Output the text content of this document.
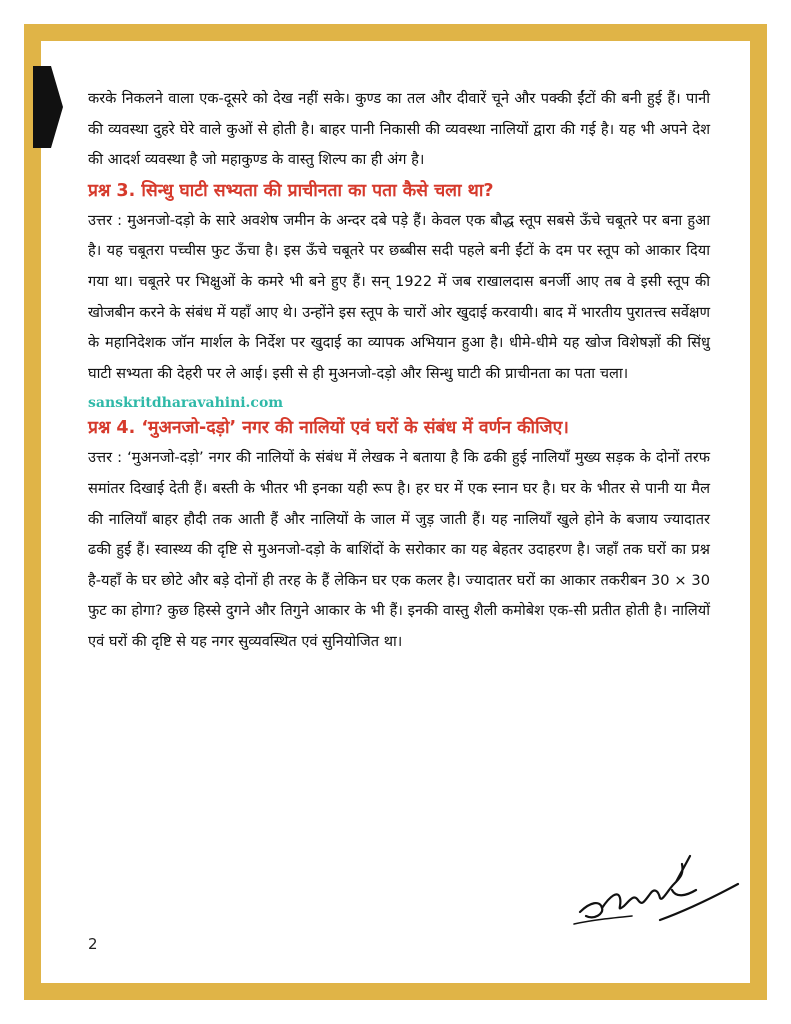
करके निकलने वाला एक-दूसरे को देख नहीं सके। कुण्ड का तल और दीवारें चूने और पक्की ईंटों की बनी हुई हैं। पानी की व्यवस्था दुहरे घेरे वाले कुओं से होती है। बाहर पानी निकासी की व्यवस्था नालियों द्वारा की गई है। यह भी अपने देश की आदर्श व्यवस्था है जो महाकुण्ड के वास्तु शिल्प का ही अंग है।

प्रश्न 3. सिन्धु घाटी सभ्यता की प्राचीनता का पता कैसे चला था?

उत्तर : मुअनजो-दड़ो के सारे अवशेष जमीन के अन्दर दबे पड़े हैं। केवल एक बौद्ध स्तूप सबसे ऊँचे चबूतरे पर बना हुआ है। यह चबूतरा पच्चीस फुट ऊँचा है। इस ऊँचे चबूतरे पर छब्बीस सदी पहले बनी ईंटों के दम पर स्तूप को आकार दिया गया था। चबूतरे पर भिक्षुओं के कमरे भी बने हुए हैं। सन् 1922 में जब राखालदास बनर्जी आए तब वे इसी स्तूप की खोजबीन करने के संबंध में यहाँ आए थे। उन्होंने इस स्तूप के चारों ओर खुदाई करवायी। बाद में भारतीय पुरातत्त्व सर्वेक्षण के महानिदेशक जॉन मार्शल के निर्देश पर खुदाई का व्यापक अभियान हुआ है। धीमे-धीमे यह खोज विशेषज्ञों की सिंधु घाटी सभ्यता की देहरी पर ले आई। इसी से ही मुअनजो-दड़ो और सिन्धु घाटी की प्राचीनता का पता चला।

sanskritdharavahini.com
प्रश्न 4. ‘मुअनजो-दड़ो’ नगर की नालियों एवं घरों के संबंध में वर्णन कीजिए।

उत्तर : ‘मुअनजो-दड़ो’ नगर की नालियों के संबंध में लेखक ने बताया है कि ढकी हुई नालियाँ मुख्य सड़क के दोनों तरफ समांतर दिखाई देती हैं। बस्ती के भीतर भी इनका यही रूप है। हर घर में एक स्नान घर है। घर के भीतर से पानी या मैल की नालियाँ बाहर हौदी तक आती हैं और नालियों के जाल में जुड़ जाती हैं। यह नालियाँ खुले होने के बजाय ज्यादातर ढकी हुई हैं। स्वास्थ्य की दृष्टि से मुअनजो-दड़ो के बाशिंदों के सरोकार का यह बेहतर उदाहरण है। जहाँ तक घरों का प्रश्न है-यहाँ के घर छोटे और बड़े दोनों ही तरह के हैं लेकिन घर एक कलर है। ज्यादातर घरों का आकार तकरीबन 30 × 30 फुट का होगा? कुछ हिस्से दुगने और तिगुने आकार के भी हैं। इनकी वास्तु शैली कमोबेश एक-सी प्रतीत होती है। नालियों एवं घरों की दृष्टि से यह नगर सुव्यवस्थित एवं सुनियोजित था।

2
